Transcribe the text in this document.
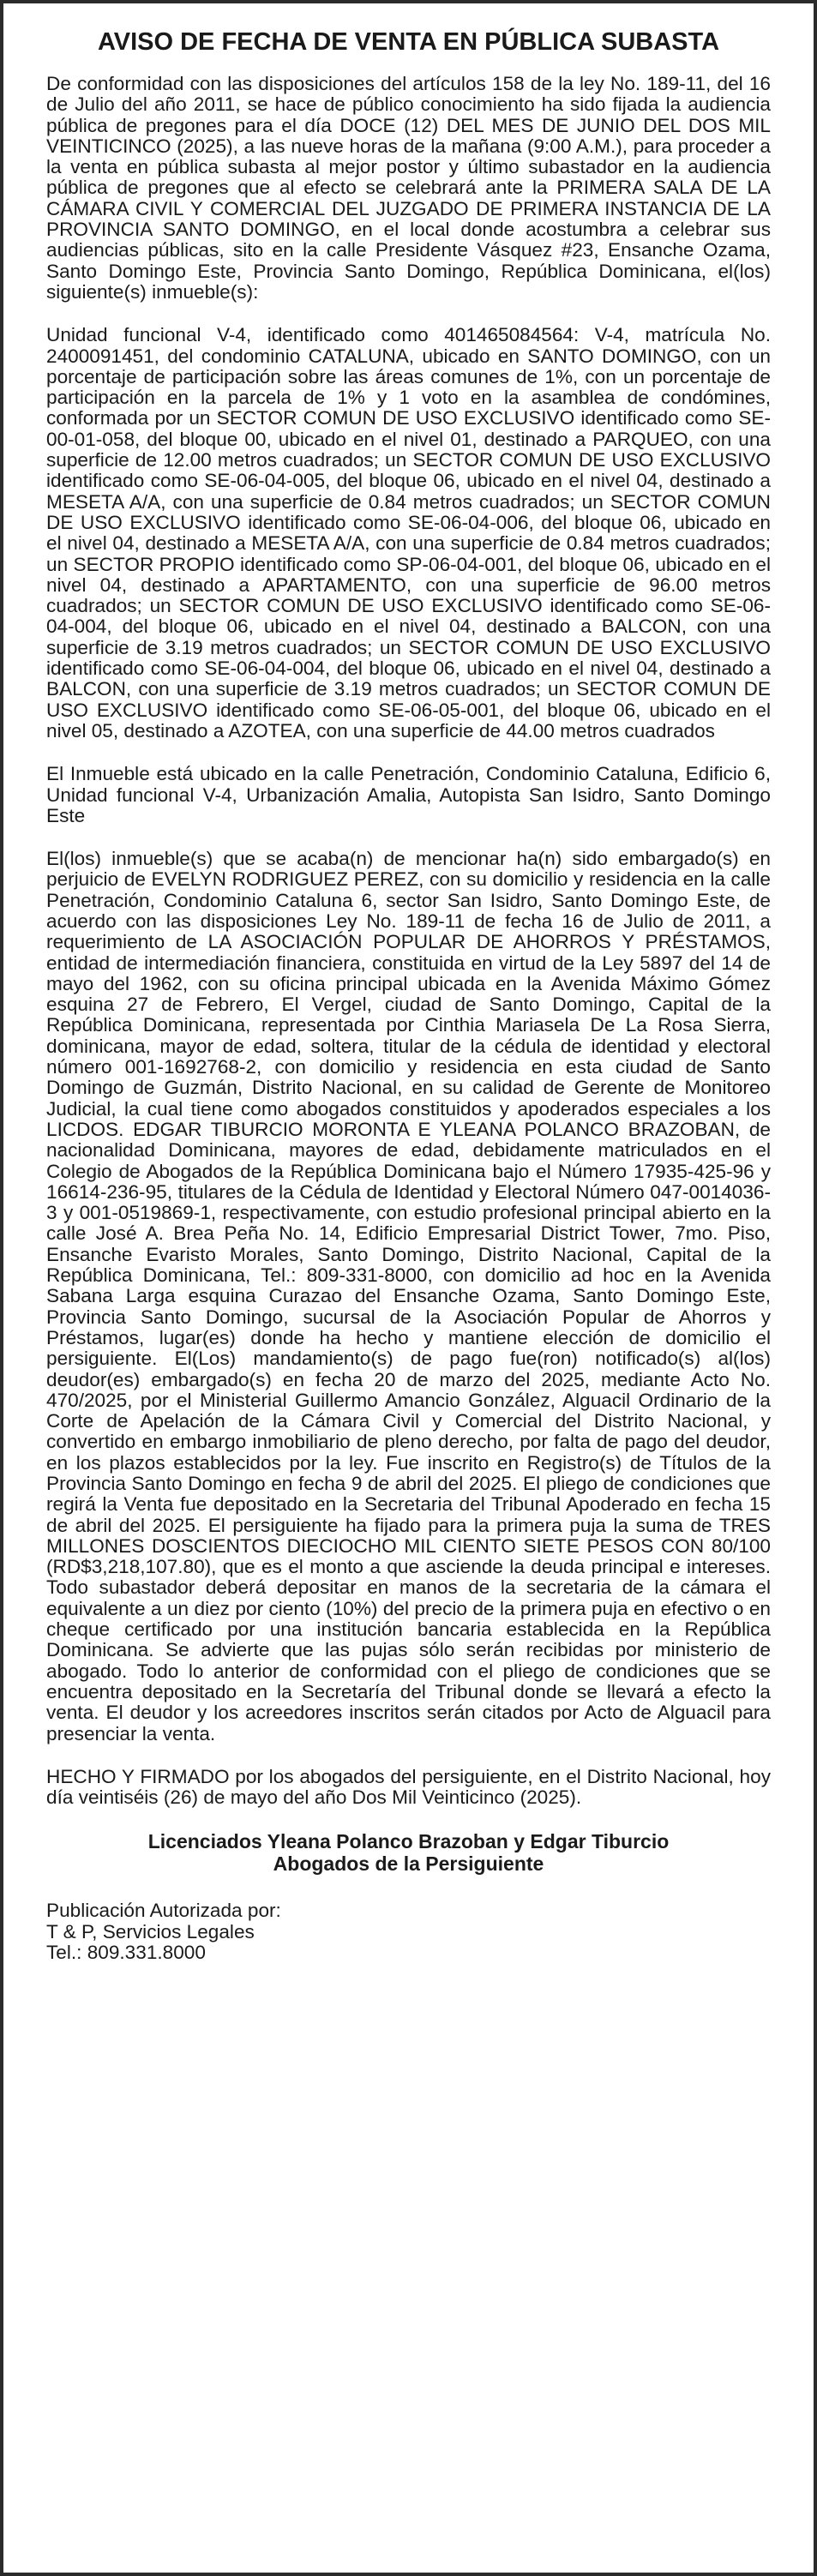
AVISO DE FECHA DE VENTA EN PÚBLICA SUBASTA

De conformidad con las disposiciones del artículos 158 de la ley No. 189-11, del 16 de Julio del año 2011, se hace de público conocimiento ha sido fijada la audiencia pública de pregones para el día DOCE (12) DEL MES DE JUNIO DEL DOS MIL VEINTICINCO (2025), a las nueve horas de la mañana (9:00 A.M.), para proceder a la venta en pública subasta al mejor postor y último subastador en la audiencia pública de pregones que al efecto se celebrará ante la PRIMERA SALA DE LA CÁMARA CIVIL Y COMERCIAL DEL JUZGADO DE PRIMERA INSTANCIA DE LA PROVINCIA SANTO DOMINGO, en el local donde acostumbra a celebrar sus audiencias públicas, sito en la calle Presidente Vásquez #23, Ensanche Ozama, Santo Domingo Este, Provincia Santo Domingo, República Dominicana, el(los) siguiente(s) inmueble(s):

Unidad funcional V-4, identificado como 401465084564: V-4, matrícula No. 2400091451, del condominio CATALUNA, ubicado en SANTO DOMINGO, con un porcentaje de participación sobre las áreas comunes de 1%, con un porcentaje de participación en la parcela de 1% y 1 voto en la asamblea de condómines, conformada por un SECTOR COMUN DE USO EXCLUSIVO identificado como SE-00-01-058, del bloque 00, ubicado en el nivel 01, destinado a PARQUEO, con una superficie de 12.00 metros cuadrados; un SECTOR COMUN DE USO EXCLUSIVO identificado como SE-06-04-005, del bloque 06, ubicado en el nivel 04, destinado a MESETA A/A, con una superficie de 0.84 metros cuadrados; un SECTOR COMUN DE USO EXCLUSIVO identificado como SE-06-04-006, del bloque 06, ubicado en el nivel 04, destinado a MESETA A/A, con una superficie de 0.84 metros cuadrados; un SECTOR PROPIO identificado como SP-06-04-001, del bloque 06, ubicado en el nivel 04, destinado a APARTAMENTO, con una superficie de 96.00 metros cuadrados; un SECTOR COMUN DE USO EXCLUSIVO identificado como SE-06-04-004, del bloque 06, ubicado en el nivel 04, destinado a BALCON, con una superficie de 3.19 metros cuadrados; un SECTOR COMUN DE USO EXCLUSIVO identificado como SE-06-04-004, del bloque 06, ubicado en el nivel 04, destinado a BALCON, con una superficie de 3.19 metros cuadrados; un SECTOR COMUN DE USO EXCLUSIVO identificado como SE-06-05-001, del bloque 06, ubicado en el nivel 05, destinado a AZOTEA, con una superficie de 44.00 metros cuadrados

El Inmueble está ubicado en la calle Penetración, Condominio Cataluna, Edificio 6, Unidad funcional V-4, Urbanización Amalia, Autopista San Isidro, Santo Domingo Este

El(los) inmueble(s) que se acaba(n) de mencionar ha(n) sido embargado(s) en perjuicio de EVELYN RODRIGUEZ PEREZ, con su domicilio y residencia en la calle Penetración, Condominio Cataluna 6, sector San Isidro, Santo Domingo Este, de acuerdo con las disposiciones Ley No. 189-11 de fecha 16 de Julio de 2011, a requerimiento de LA ASOCIACIÓN POPULAR DE AHORROS Y PRÉSTAMOS, entidad de intermediación financiera, constituida en virtud de la Ley 5897 del 14 de mayo del 1962, con su oficina principal ubicada en la Avenida Máximo Gómez esquina 27 de Febrero, El Vergel, ciudad de Santo Domingo, Capital de la República Dominicana, representada por Cinthia Mariasela De La Rosa Sierra, dominicana, mayor de edad, soltera, titular de la cédula de identidad y electoral número 001-1692768-2, con domicilio y residencia en esta ciudad de Santo Domingo de Guzmán, Distrito Nacional, en su calidad de Gerente de Monitoreo Judicial, la cual tiene como abogados constituidos y apoderados especiales a los LICDOS. EDGAR TIBURCIO MORONTA E YLEANA POLANCO BRAZOBAN, de nacionalidad Dominicana, mayores de edad, debidamente matriculados en el Colegio de Abogados de la República Dominicana bajo el Número 17935-425-96 y 16614-236-95, titulares de la Cédula de Identidad y Electoral Número 047-0014036-3 y 001-0519869-1, respectivamente, con estudio profesional principal abierto en la calle José A. Brea Peña No. 14, Edificio Empresarial District Tower, 7mo. Piso, Ensanche Evaristo Morales, Santo Domingo, Distrito Nacional, Capital de la República Dominicana, Tel.: 809-331-8000, con domicilio ad hoc en la Avenida Sabana Larga esquina Curazao del Ensanche Ozama, Santo Domingo Este, Provincia Santo Domingo, sucursal de la Asociación Popular de Ahorros y Préstamos, lugar(es) donde ha hecho y mantiene elección de domicilio el persiguiente. El(Los) mandamiento(s) de pago fue(ron) notificado(s) al(los) deudor(es) embargado(s) en fecha 20 de marzo del 2025, mediante Acto No. 470/2025, por el Ministerial Guillermo Amancio González, Alguacil Ordinario de la Corte de Apelación de la Cámara Civil y Comercial del Distrito Nacional, y convertido en embargo inmobiliario de pleno derecho, por falta de pago del deudor, en los plazos establecidos por la ley. Fue inscrito en Registro(s) de Títulos de la Provincia Santo Domingo en fecha 9 de abril del 2025. El pliego de condiciones que regirá la Venta fue depositado en la Secretaria del Tribunal Apoderado en fecha 15 de abril del 2025. El persiguiente ha fijado para la primera puja la suma de TRES MILLONES DOSCIENTOS DIECIOCHO MIL CIENTO SIETE PESOS CON 80/100 (RD$3,218,107.80), que es el monto a que asciende la deuda principal e intereses. Todo subastador deberá depositar en manos de la secretaria de la cámara el equivalente a un diez por ciento (10%) del precio de la primera puja en efectivo o en cheque certificado por una institución bancaria establecida en la República Dominicana. Se advierte que las pujas sólo serán recibidas por ministerio de abogado. Todo lo anterior de conformidad con el pliego de condiciones que se encuentra depositado en la Secretaría del Tribunal donde se llevará a efecto la venta. El deudor y los acreedores inscritos serán citados por Acto de Alguacil para presenciar la venta.

HECHO Y FIRMADO por los abogados del persiguiente, en el Distrito Nacional, hoy día veintiséis (26) de mayo del año Dos Mil Veinticinco (2025).

Licenciados Yleana Polanco Brazoban y Edgar Tiburcio
Abogados de la Persiguiente
Publicación Autorizada por:
T & P, Servicios Legales
Tel.: 809.331.8000
